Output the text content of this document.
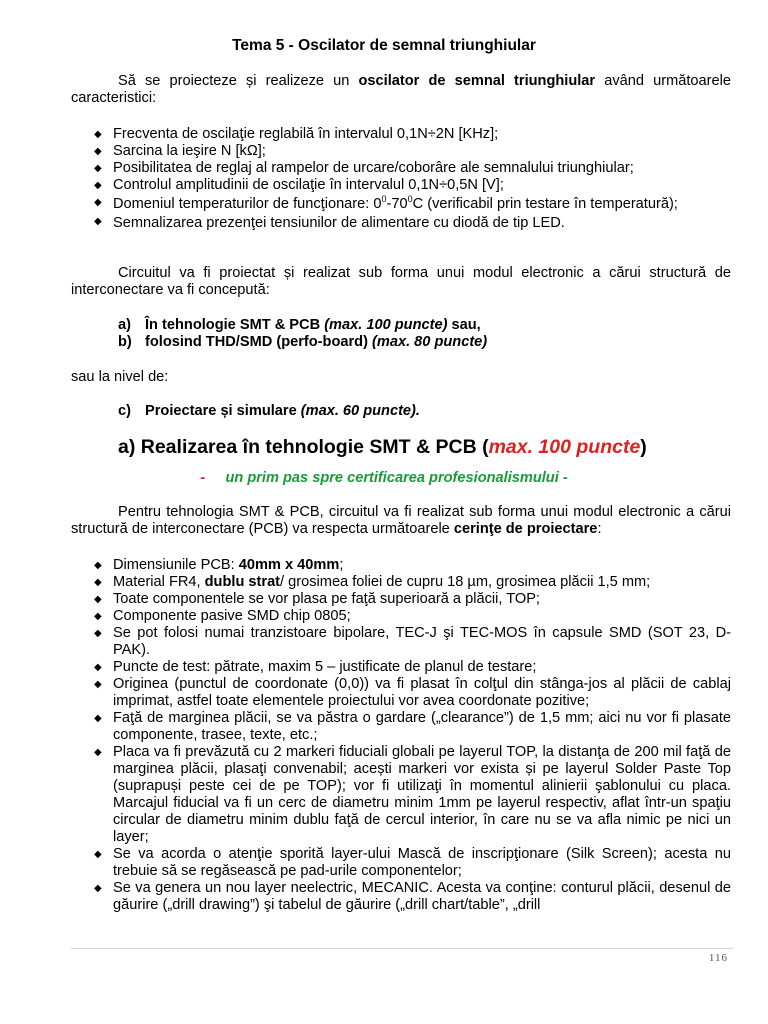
Tema 5 - Oscilator de semnal triunghiular
Să se proiecteze și realizeze un oscilator de semnal triunghiular având următoarele caracteristici:
◆ Frecventa de oscilaţie reglabilă în intervalul 0,1N÷2N [KHz];
◆ Sarcina la ieşire N [kΩ];
◆ Posibilitatea de reglaj al rampelor de urcare/coborâre ale semnalului triunghiular;
◆ Controlul amplitudinii de oscilaţie în intervalul 0,1N÷0,5N [V];
◆ Domeniul temperaturilor de funcţionare: $0^0-70^0C$ (verificabil prin testare în temperatură);
◆ Semnalizarea prezenţei tensiunilor de alimentare cu diodă de tip LED.
Circuitul va fi proiectat și realizat sub forma unui modul electronic a cărui structură de interconectare va fi concepută:
a) În tehnologie SMT & PCB (max. 100 puncte) sau,
b) folosind THD/SMD (perfo-board) (max. 80 puncte)
sau la nivel de:
c) Proiectare și simulare (max. 60 puncte).
a) Realizarea în tehnologie SMT & PCB (max. 100 puncte)
- un prim pas spre certificarea profesionalismului -
Pentru tehnologia SMT & PCB, circuitul va fi realizat sub forma unui modul electronic a cărui structură de interconectare (PCB) va respecta următoarele cerinţe de proiectare:
◆ Dimensiunile PCB: 40mm x 40mm;
◆ Material FR4, dublu strat/ grosimea foliei de cupru 18 µm, grosimea plăcii 1,5 mm;
◆ Toate componentele se vor plasa pe faţă superioară a plăcii, TOP;
◆ Componente pasive SMD chip 0805;
◆ Se pot folosi numai tranzistoare bipolare, TEC-J şi TEC-MOS în capsule SMD (SOT 23, D-PAK).
◆ Puncte de test: pătrate, maxim 5 – justificate de planul de testare;
◆ Originea (punctul de coordonate (0,0)) va fi plasat în colţul din stânga-jos al plăcii de cablaj imprimat, astfel toate elementele proiectului vor avea coordonate pozitive;
◆ Faţă de marginea plăcii, se va păstra o gardare („clearance”) de 1,5 mm; aici nu vor fi plasate componente, trasee, texte, etc.;
◆ Placa va fi prevăzută cu 2 markeri fiduciali globali pe layerul TOP, la distanţa de 200 mil faţă de marginea plăcii, plasaţi convenabil; acești markeri vor exista și pe layerul Solder Paste Top (suprapuși peste cei de pe TOP); vor fi utilizaţi în momentul alinierii şablonului cu placa. Marcajul fiducial va fi un cerc de diametru minim 1mm pe layerul respectiv, aflat într-un spaţiu circular de diametru minim dublu faţă de cercul interior, în care nu se va afla nimic pe nici un layer;
◆ Se va acorda o atenţie sporită layer-ului Mască de inscripţionare (Silk Screen); acesta nu trebuie să se regăsească pe pad-urile componentelor;
◆ Se va genera un nou layer neelectric, MECANIC. Acesta va conţine: conturul plăcii, desenul de găurire („drill drawing”) şi tabelul de găurire („drill chart/table”, „drill
116
